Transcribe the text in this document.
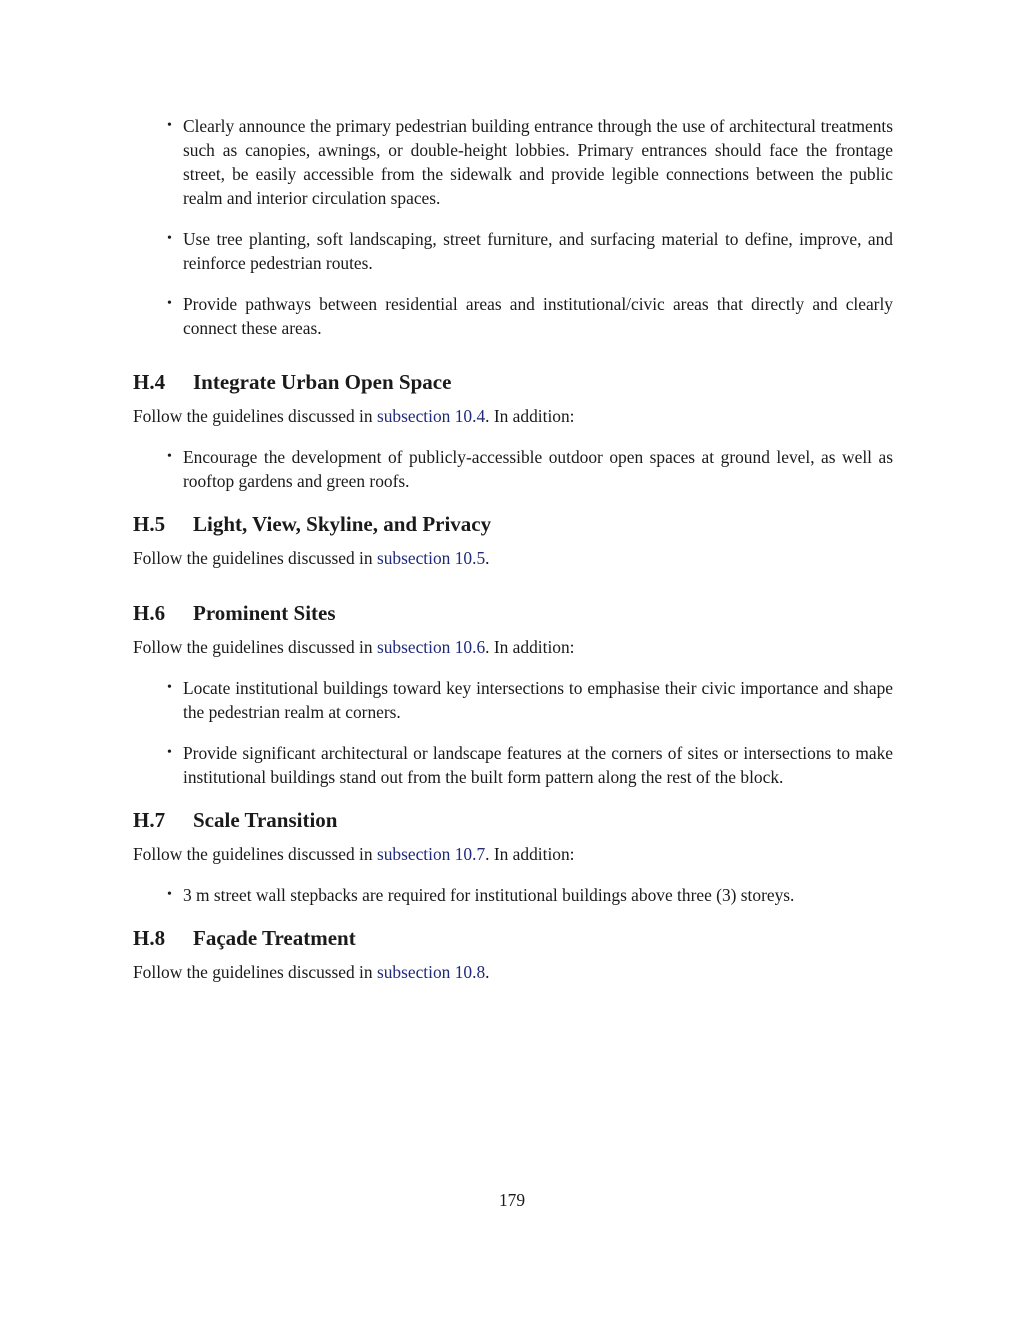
• Clearly announce the primary pedestrian building entrance through the use of architectural treatments such as canopies, awnings, or double-height lobbies. Primary entrances should face the frontage street, be easily accessible from the sidewalk and provide legible connections between the public realm and interior circulation spaces.
• Use tree planting, soft landscaping, street furniture, and surfacing material to define, improve, and reinforce pedestrian routes.
• Provide pathways between residential areas and institutional/civic areas that directly and clearly connect these areas.
H.4	Integrate Urban Open Space

Follow the guidelines discussed in subsection 10.4. In addition:

• Encourage the development of publicly-accessible outdoor open spaces at ground level, as well as rooftop gardens and green roofs.
H.5	Light, View, Skyline, and Privacy

Follow the guidelines discussed in subsection 10.5.

H.6	Prominent Sites

Follow the guidelines discussed in subsection 10.6. In addition:

• Locate institutional buildings toward key intersections to emphasise their civic importance and shape the pedestrian realm at corners.
• Provide significant architectural or landscape features at the corners of sites or intersections to make institutional buildings stand out from the built form pattern along the rest of the block.
H.7	Scale Transition

Follow the guidelines discussed in subsection 10.7. In addition:

• 3 m street wall stepbacks are required for institutional buildings above three (3) storeys.
H.8	Façade Treatment

Follow the guidelines discussed in subsection 10.8.

179
